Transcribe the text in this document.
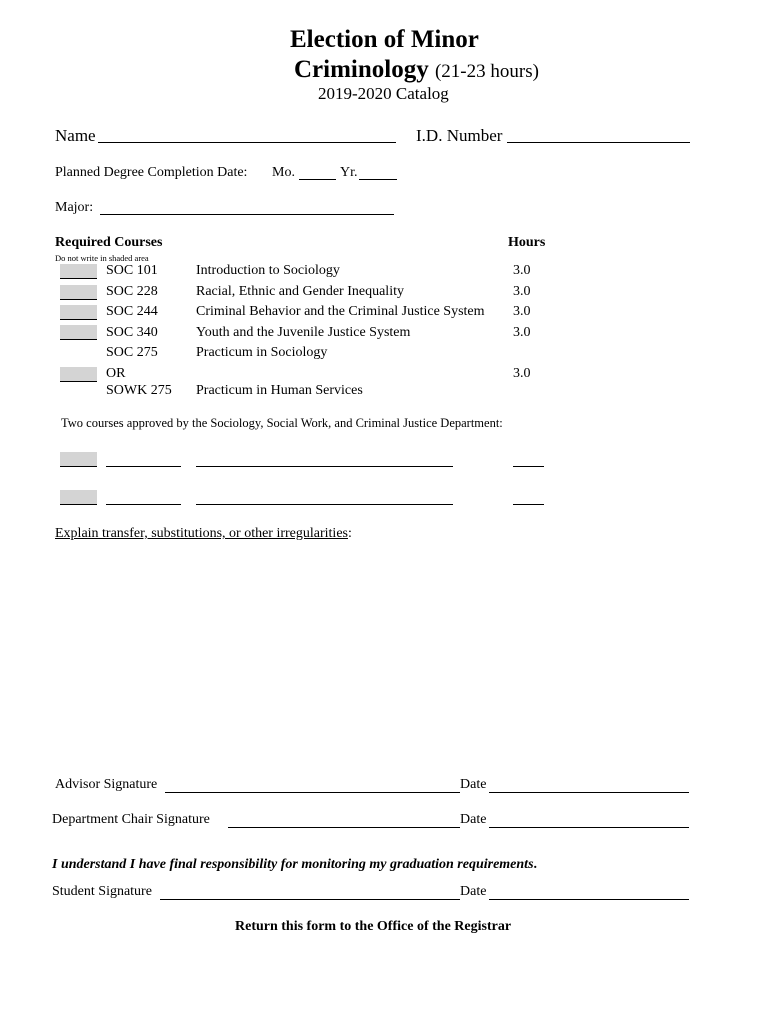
Election of Minor
Criminology (21-23 hours)
2019-2020 Catalog
Name	I.D. Number
Planned Degree Completion Date: Mo.	Yr.
Major:
Required Courses	Hours
Do not write in shaded area
SOC 101	Introduction to Sociology	3.0
SOC 228	Racial, Ethnic and Gender Inequality	3.0
SOC 244	Criminal Behavior and the Criminal Justice System 3.0
SOC 340	Youth and the Juvenile Justice System	3.0
SOC 275	Practicum in Sociology
OR	3.0
SOWK 275 Practicum in Human Services
Two courses approved by the Sociology, Social Work, and Criminal Justice Department:
Explain transfer, substitutions, or other irregularities:
Advisor Signature	Date
Department Chair Signature	Date
I understand I have final responsibility for monitoring my graduation requirements.
Student Signature	Date
Return this form to the Office of the Registrar
